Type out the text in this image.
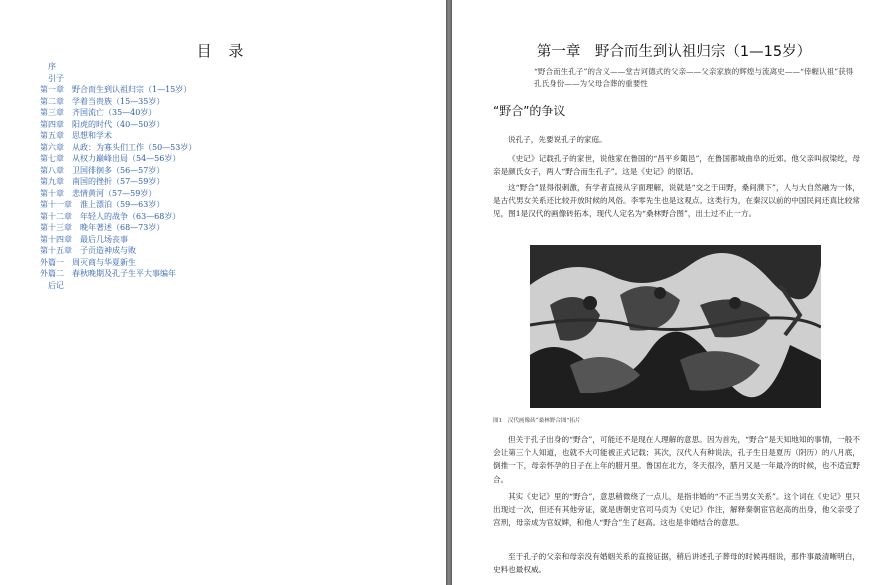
目 录
序
引子
第一章 野合而生到认祖归宗（1—15岁）
第二章 学着当贵族（15—35岁）
第三章 齐国流亡（35—40岁）
第四章 阳虎的时代（40—50岁）
第五章 思想和学术
第六章 从政：为寡头们工作（50—53岁）
第七章 从权力巅峰出局（54—56岁）
第八章 卫国徘徊多（56—57岁）
第九章 南国的挫折（57—59岁）
第十章 悲情黄河（57—59岁）
第十一章 淮上漂泊（59—63岁）
第十二章 年轻人的战争（63—68岁）
第十三章 晚年著述（68—73岁）
第十四章 最后几场丧事
第十五章 子贡造神成与败
外篇一 周灭商与华夏新生
外篇二 春秋晚期及孔子生平大事编年
后记
第一章　野合而生到认祖归宗（1—15岁）
“野合而生孔子”的含义——堂吉诃德式的父亲——父亲家族的辉煌与流离史——“倖幄认祖”获得孔氏身份——为父母合葬的重要性
“野合”的争议

说孔子，先要说孔子的家庭。

《史记》记载孔子的家世，说他家在鲁国的“昌平乡陬邑”，在鲁国都城曲阜的近郊。他父亲叫叔梁纥，母亲是颜氏女子，两人“野合而生孔子”。这是《史记》的原话。

这“野合”显得很刺激，有学者直接从字面理解，说就是“交之于田野，桑间濮下”，人与大自然融为一体，是古代男女关系还比较开放时候的风俗。李零先生也是这观点。这类行为，在秦汉以前的中国民间还真比较常见，图1是汉代的画像砖拓本，现代人定名为“桑林野合图”，出土过不止一方。

图1　汉代画像砖“桑林野合图”拓片

但关于孔子出身的“野合”，可能还不是现在人理解的意思。因为首先，“野合”是天知地知的事情，一般不会让第三个人知道，也就不大可能被正式记载；其次，汉代人有种说法，孔子生日是夏历（阴历）的八月底，倒推一下，母亲怀孕的日子在上年的腊月里。鲁国在北方，冬天很冷，腊月又是一年最冷的时候，也不适宜野合。

其实《史记》里的“野合”，意思稍微绕了一点儿，是指非婚的“不正当男女关系”。这个词在《史记》里只出现过一次，但还有其他旁证，就是唐朝史官司马贞为《史记》作注，解释秦朝宦官赵高的出身，他父亲受了宫刑，母亲成为官奴婢，和他人“野合”生了赵高。这也是非婚结合的意思。

至于孔子的父亲和母亲没有婚姻关系的直接证据，稍后讲述孔子葬母的时候再细说，那件事最清晰明白，史料也最权威。
